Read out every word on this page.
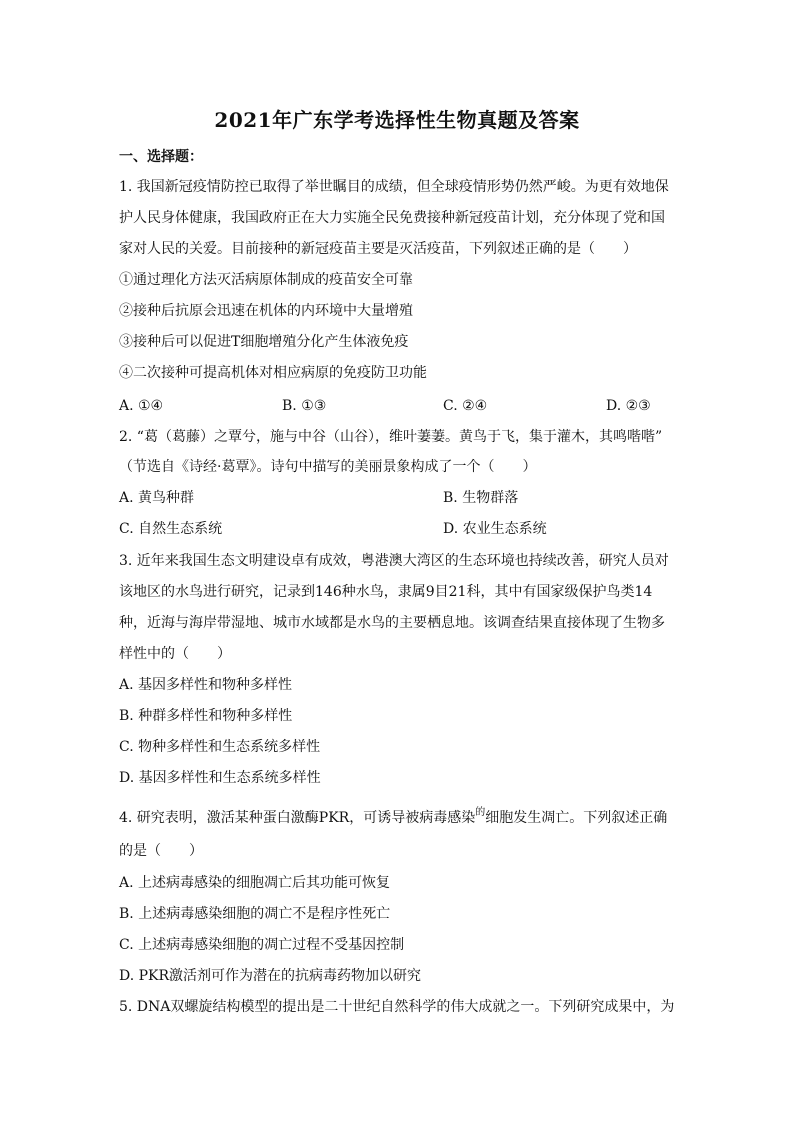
2021年广东学考选择性生物真题及答案
一、选择题：
1. 我国新冠疫情防控已取得了举世瞩目的成绩，但全球疫情形势仍然严峻。为更有效地保
护人民身体健康，我国政府正在大力实施全民免费接种新冠疫苗计划，充分体现了党和国
家对人民的关爱。目前接种的新冠疫苗主要是灭活疫苗，下列叙述正确的是（　　）
①通过理化方法灭活病原体制成的疫苗安全可靠
②接种后抗原会迅速在机体的内环境中大量增殖
③接种后可以促进T细胞增殖分化产生体液免疫
④二次接种可提高机体对相应病原的免疫防卫功能
A. ①④	B. ①③	C. ②④	D. ②③
2. “葛（葛藤）之覃兮，施与中谷（山谷），维叶萋萋。黄鸟于飞，集于灌木，其鸣喈喈”
（节选自《诗经·葛覃》。诗句中描写的美丽景象构成了一个（　　）
A. 黄鸟种群	B. 生物群落
C. 自然生态系统	D. 农业生态系统
3. 近年来我国生态文明建设卓有成效，粤港澳大湾区的生态环境也持续改善，研究人员对
该地区的水鸟进行研究，记录到146种水鸟，隶属9目21科，其中有国家级保护鸟类14
种，近海与海岸带湿地、城市水域都是水鸟的主要栖息地。该调查结果直接体现了生物多
样性中的（　　）
A. 基因多样性和物种多样性
B. 种群多样性和物种多样性
C. 物种多样性和生态系统多样性
D. 基因多样性和生态系统多样性
4. 研究表明，激活某种蛋白激酶PKR，可诱导被病毒感染$^的$细胞发生凋亡。下列叙述正确
的是（　　）
A. 上述病毒感染的细胞凋亡后其功能可恢复
B. 上述病毒感染细胞的凋亡不是程序性死亡
C. 上述病毒感染细胞的凋亡过程不受基因控制
D. PKR激活剂可作为潜在的抗病毒药物加以研究
5. DNA双螺旋结构模型的提出是二十世纪自然科学的伟大成就之一。下列研究成果中，为
